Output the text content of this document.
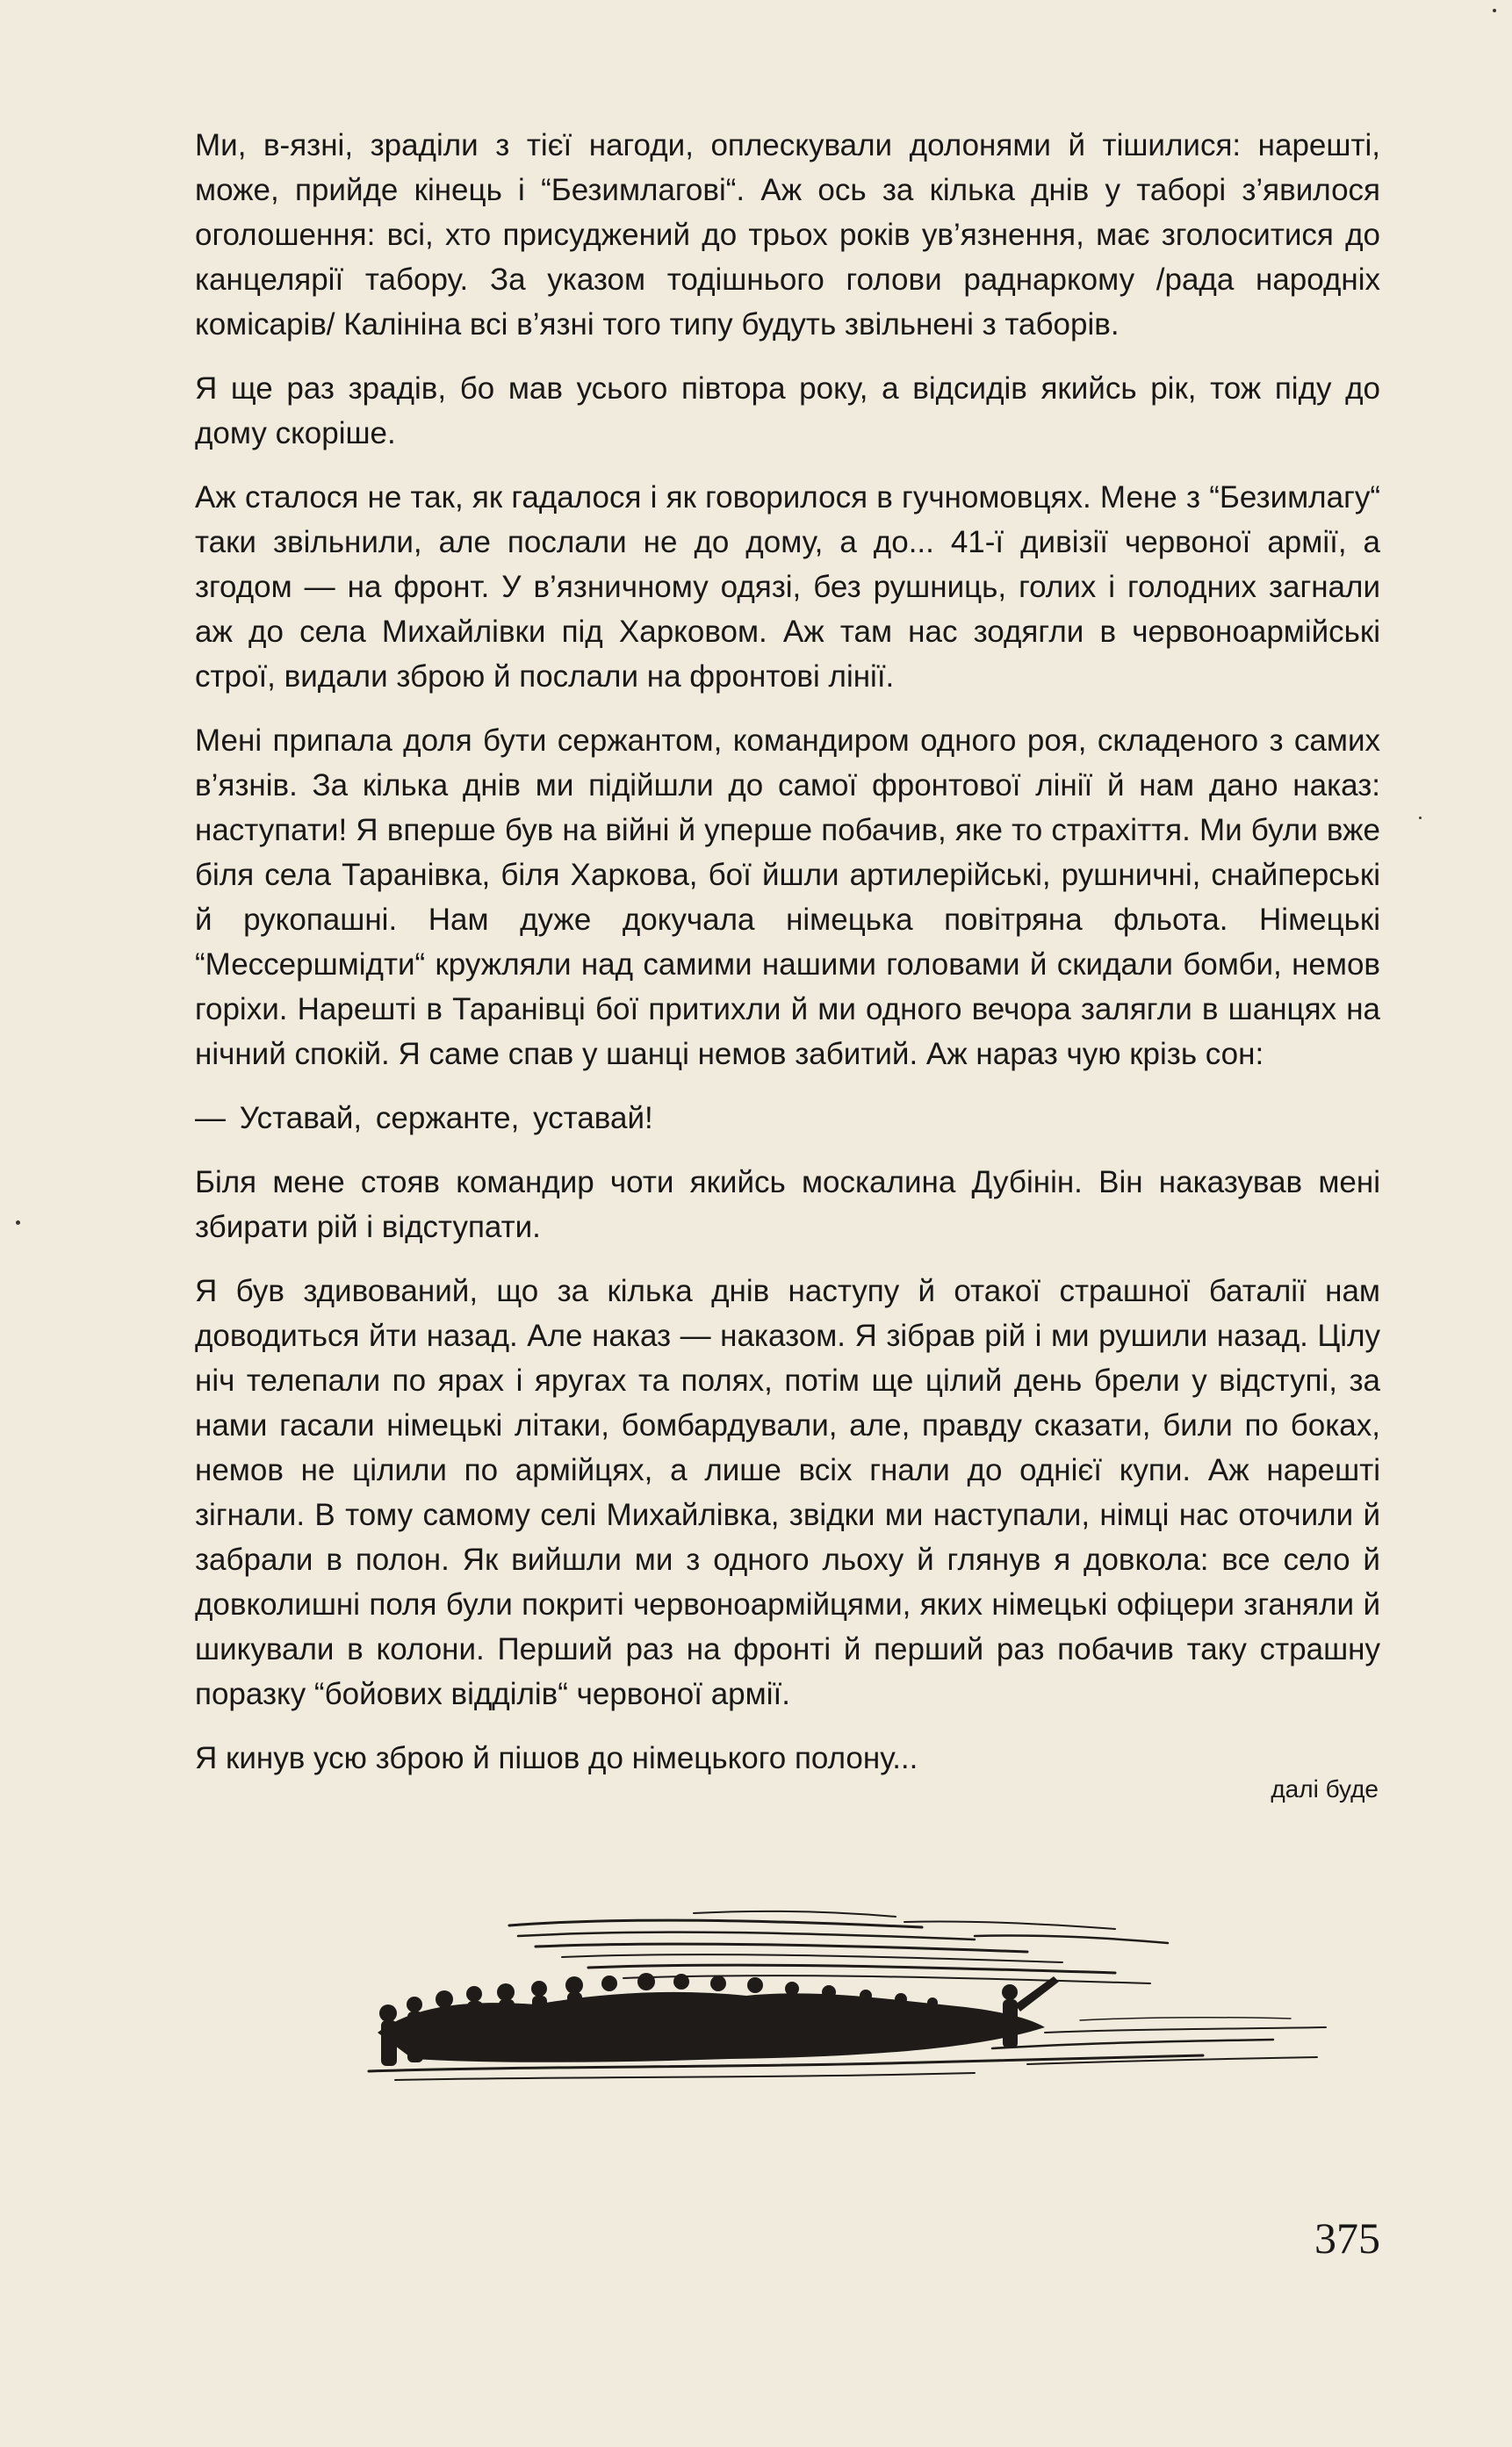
Ми, в-язні, зраділи з тієї нагоди, оплескували долонями й тішилися: нарешті, може, прийде кінець і “Безимлагові“. Аж ось за кілька днів у таборі з’явилося оголошення: всі, хто присуджений до трьох років ув’язнення, має зголоситися до канцелярії табору. За указом тодішнього голови раднаркому /рада народніх комісарів/ Калініна всі в’язні того типу будуть звільнені з таборів.

Я ще раз зрадів, бо мав усього півтора року, а відсидів якийсь рік, тож піду до дому скоріше.

Аж сталося не так, як гадалося і як говорилося в гучномовцях. Мене з “Безимлагу“ таки звільнили, але послали не до дому, а до... 41-ї дивізії червоної армії, а згодом — на фронт. У в’язничному одязі, без рушниць, голих і голодних загнали аж до села Михайлівки під Харковом. Аж там нас зодягли в червоноармійські строї, видали зброю й послали на фронтові лінії.

Мені припала доля бути сержантом, командиром одного роя, складеного з самих в’язнів. За кілька днів ми підійшли до самої фронтової лінії й нам дано наказ: наступати! Я вперше був на війні й уперше побачив, яке то страхіття. Ми були вже біля села Таранівка, біля Харкова, бої йшли артилерійські, рушничні, снайперські й рукопашні. Нам дуже докучала німецька повітряна фльота. Німецькі “Мессершмідти“ кружляли над самими нашими головами й скидали бомби, немов горіхи. Нарешті в Таранівці бої притихли й ми одного вечора залягли в шанцях на нічний спокій. Я саме спав у шанці немов забитий. Аж нараз чую крізь сон:

— Уставай, сержанте, уставай!

Біля мене стояв командир чоти якийсь москалина Дубінін. Він наказував мені збирати рій і відступати.

Я був здивований, що за кілька днів наступу й отакої страшної баталії нам доводиться йти назад. Але наказ — наказом. Я зібрав рій і ми рушили назад. Цілу ніч телепали по ярах і яругах та полях, потім ще цілий день брели у відступі, за нами гасали німецькі літаки, бомбардували, але, правду сказати, били по боках, немов не цілили по армійцях, а лише всіх гнали до однієї купи. Аж нарешті зігнали. В тому самому селі Михайлівка, звідки ми наступали, німці нас оточили й забрали в полон. Як вийшли ми з одного льоху й глянув я довкола: все село й довколишні поля були покриті червоноармійцями, яких німецькі офіцери зганяли й шикували в колони. Перший раз на фронті й перший раз побачив таку страшну поразку “бойових відділів“ червоної армії.

Я кинув усю зброю й пішов до німецького полону...

далі буде
375
